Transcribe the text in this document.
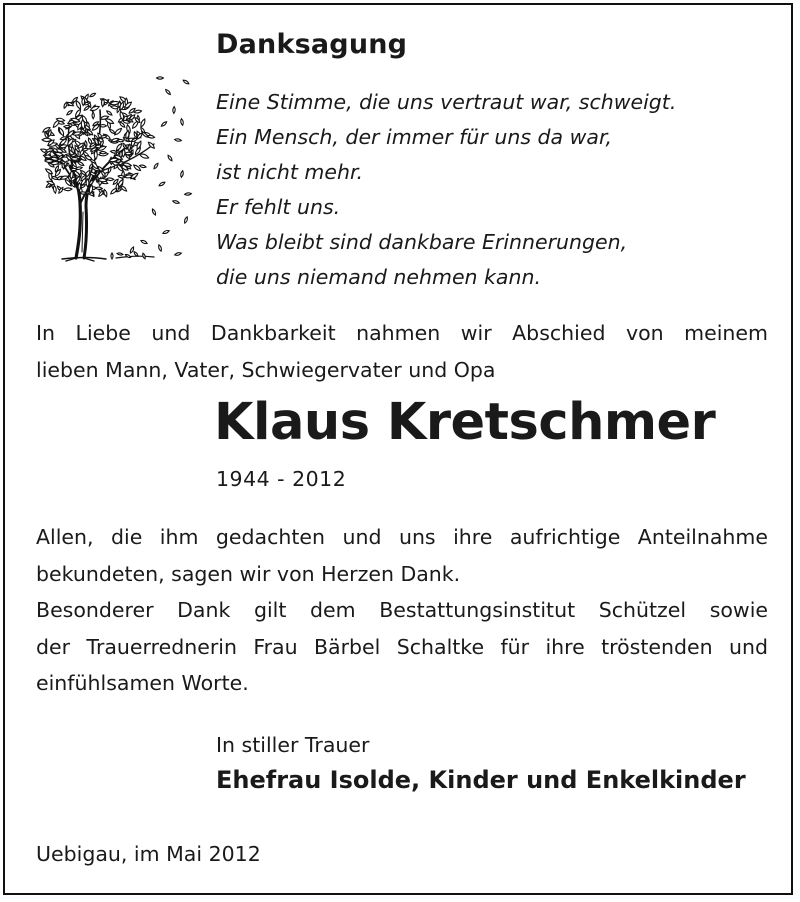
Danksagung
Eine Stimme, die uns vertraut war, schweigt.
Ein Mensch, der immer für uns da war,
ist nicht mehr.
Er fehlt uns.
Was bleibt sind dankbare Erinnerungen,
die uns niemand nehmen kann.

In Liebe und Dankbarkeit nahmen wir Abschied von meinem
lieben Mann, Vater, Schwiegervater und Opa

Klaus Kretschmer
1944 - 2012

Allen, die ihm gedachten und uns ihre aufrichtige Anteilnahme
bekundeten, sagen wir von Herzen Dank.
Besonderer Dank gilt dem Bestattungsinstitut Schützel sowie
der Trauerrednerin Frau Bärbel Schaltke für ihre tröstenden und
einfühlsamen Worte.

In stiller Trauer
Ehefrau Isolde, Kinder und Enkelkinder
Uebigau, im Mai 2012
